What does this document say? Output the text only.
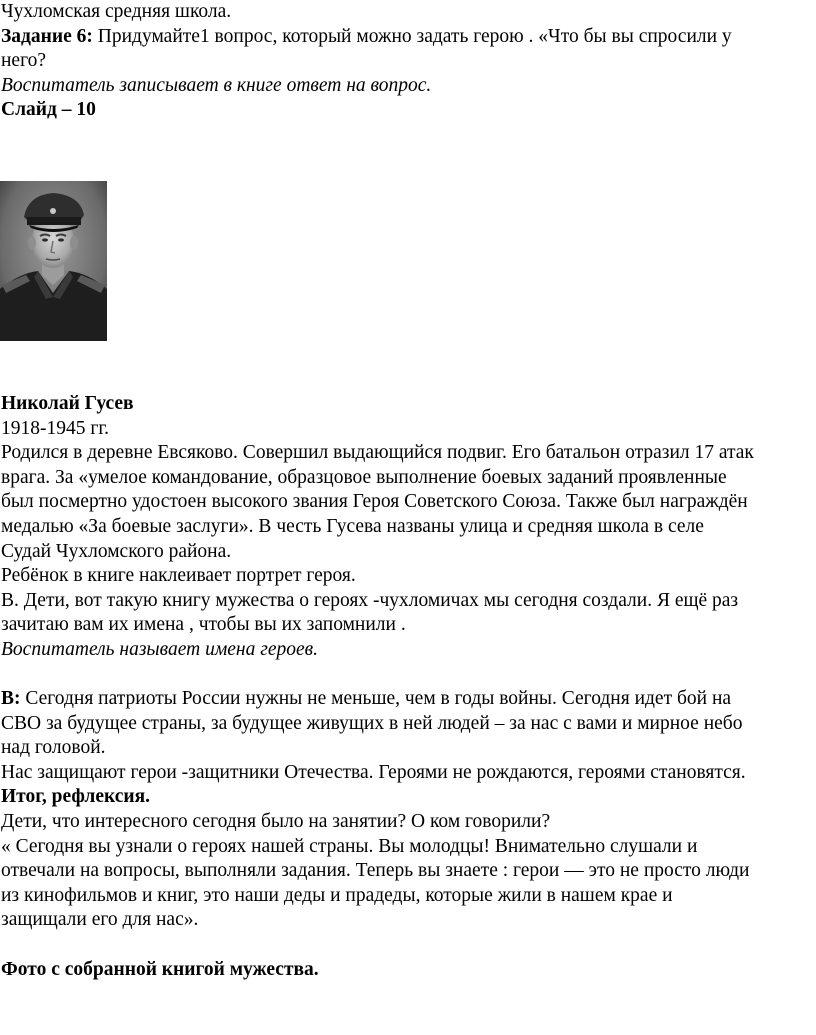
Чухломская средняя школа.
Задание 6: Придумайте1 вопрос, который можно задать герою . «Что бы вы спросили у
него?
Воспитатель записывает в книге ответ на вопрос.
Слайд – 10
Николай Гусев
1918-1945 гг.
Родился в деревне Евсяково. Совершил выдающийся подвиг. Его батальон отразил 17 атак
врага. За «умелое командование, образцовое выполнение боевых заданий проявленные
был посмертно удостоен высокого звания Героя Советского Союза. Также был награждён
медалью «За боевые заслуги». В честь Гусева названы улица и средняя школа в селе
Судай Чухломского района.
Ребёнок в книге наклеивает портрет героя.
В. Дети, вот такую книгу мужества о героях -чухломичах мы сегодня создали. Я ещё раз
зачитаю вам их имена , чтобы вы их запомнили .
Воспитатель называет имена героев.
В: Сегодня патриоты России нужны не меньше, чем в годы войны. Сегодня идет бой на
СВО за будущее страны, за будущее живущих в ней людей – за нас с вами и мирное небо
над головой.
Нас защищают герои -защитники Отечества. Героями не рождаются, героями становятся.
Итог, рефлексия.
Дети, что интересного сегодня было на занятии? О ком говорили?
« Сегодня вы узнали о героях нашей страны. Вы молодцы! Внимательно слушали и
отвечали на вопросы, выполняли задания. Теперь вы знаете : герои — это не просто люди
из кинофильмов и книг, это наши деды и прадеды, которые жили в нашем крае и
защищали его для нас».
Фото с собранной книгой мужества.
